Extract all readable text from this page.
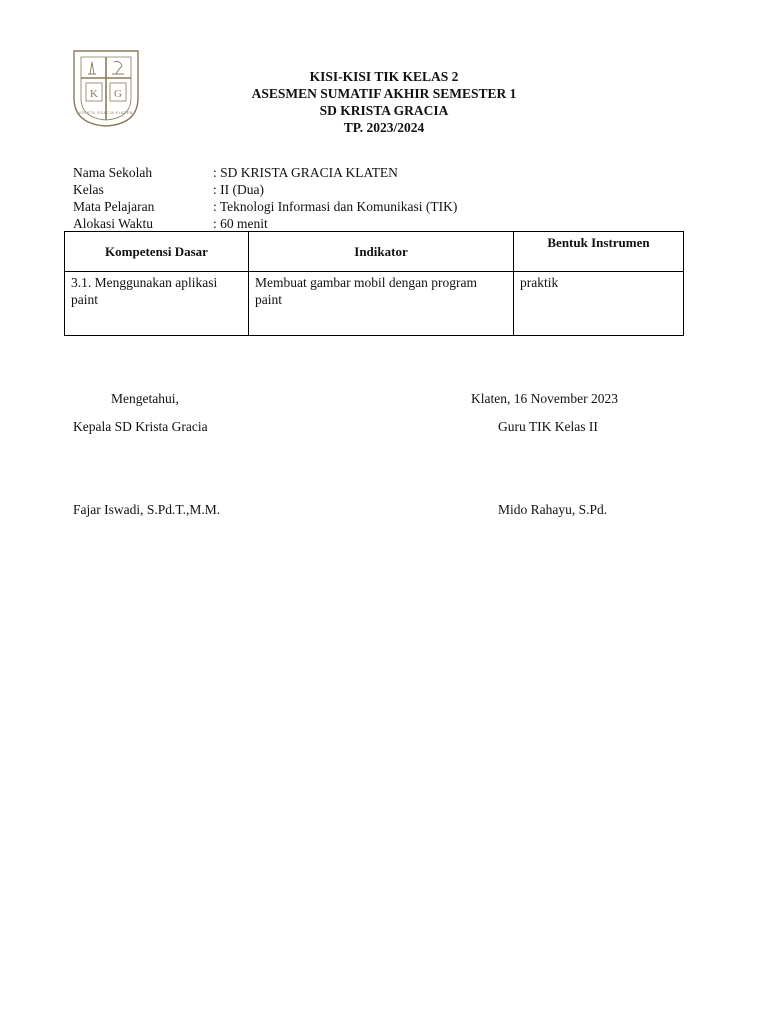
K G
KRISTA GRACIA KLATEN
KISI-KISI TIK KELAS 2
ASESMEN SUMATIF AKHIR SEMESTER 1
SD KRISTA GRACIA
TP. 2023/2024
Nama Sekolah	: SD KRISTA GRACIA KLATEN
Kelas	: II (Dua)
Mata Pelajaran	: Teknologi Informasi dan Komunikasi (TIK)
Alokasi Waktu	: 60 menit
Kompetensi Dasar	Indikator	Bentuk Instrumen
3.1. Menggunakan aplikasi paint	Membuat gambar mobil dengan program paint	praktik
Mengetahui,	Klaten, 16 November 2023
Kepala SD Krista Gracia	Guru TIK Kelas II
Fajar Iswadi, S.Pd.T.,M.M.	Mido Rahayu, S.Pd.
